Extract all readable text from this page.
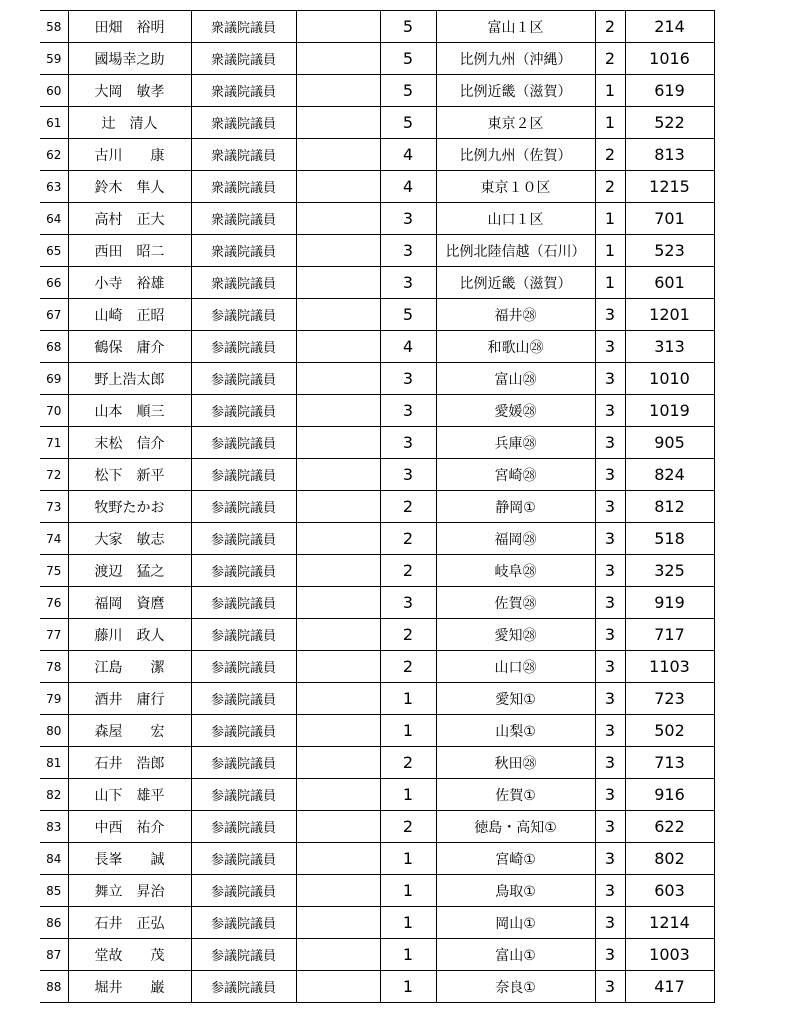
58	田畑　裕明	衆議院議員		5	富山１区	2	214
59	國場幸之助	衆議院議員		5	比例九州（沖縄）	2	1016
60	大岡　敏孝	衆議院議員		5	比例近畿（滋賀）	1	619
61	辻　清人	衆議院議員		5	東京２区	1	522
62	古川　　康	衆議院議員		4	比例九州（佐賀）	2	813
63	鈴木　隼人	衆議院議員		4	東京１０区	2	1215
64	高村　正大	衆議院議員		3	山口１区	1	701
65	西田　昭二	衆議院議員		3	比例北陸信越（石川）	1	523
66	小寺　裕雄	衆議院議員		3	比例近畿（滋賀）	1	601
67	山崎　正昭	参議院議員		5	福井㉘	3	1201
68	鶴保　庸介	参議院議員		4	和歌山㉘	3	313
69	野上浩太郎	参議院議員		3	富山㉘	3	1010
70	山本　順三	参議院議員		3	愛媛㉘	3	1019
71	末松　信介	参議院議員		3	兵庫㉘	3	905
72	松下　新平	参議院議員		3	宮崎㉘	3	824
73	牧野たかお	参議院議員		2	静岡①	3	812
74	大家　敏志	参議院議員		2	福岡㉘	3	518
75	渡辺　猛之	参議院議員		2	岐阜㉘	3	325
76	福岡　資麿	参議院議員		3	佐賀㉘	3	919
77	藤川　政人	参議院議員		2	愛知㉘	3	717
78	江島　　潔	参議院議員		2	山口㉘	3	1103
79	酒井　庸行	参議院議員		1	愛知①	3	723
80	森屋　　宏	参議院議員		1	山梨①	3	502
81	石井　浩郎	参議院議員		2	秋田㉘	3	713
82	山下　雄平	参議院議員		1	佐賀①	3	916
83	中西　祐介	参議院議員		2	徳島・高知①	3	622
84	長峯　　誠	参議院議員		1	宮崎①	3	802
85	舞立　昇治	参議院議員		1	鳥取①	3	603
86	石井　正弘	参議院議員		1	岡山①	3	1214
87	堂故　　茂	参議院議員		1	富山①	3	1003
88	堀井　　巌	参議院議員		1	奈良①	3	417
